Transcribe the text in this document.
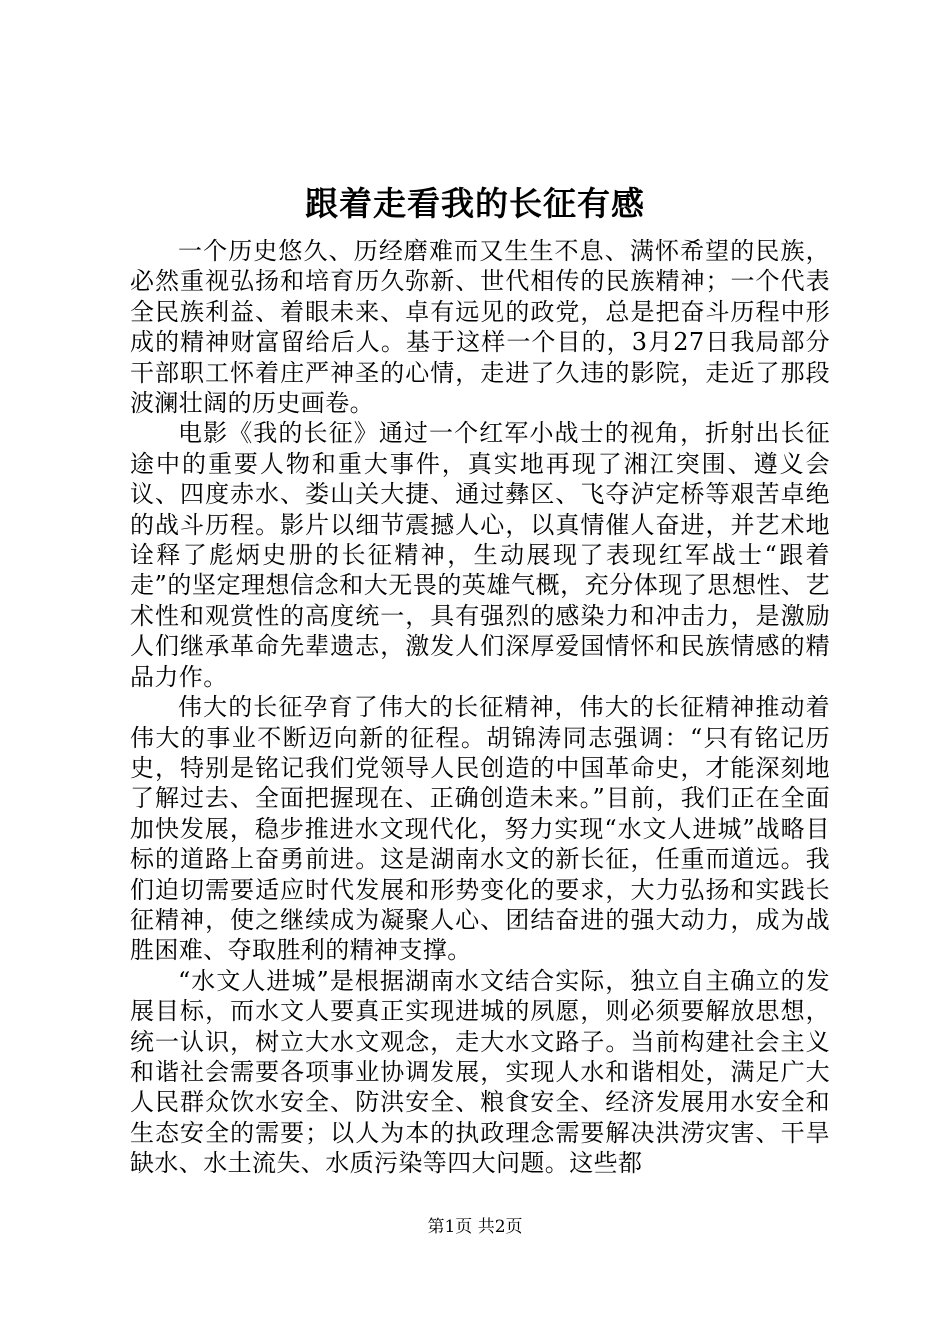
跟着走看我的长征有感

一个历史悠久、历经磨难而又生生不息、满怀希望的民族，必然重视弘扬和培育历久弥新、世代相传的民族精神；一个代表全民族利益、着眼未来、卓有远见的政党，总是把奋斗历程中形成的精神财富留给后人。基于这样一个目的，3月27日我局部分干部职工怀着庄严神圣的心情，走进了久违的影院，走近了那段波澜壮阔的历史画卷。

电影《我的长征》通过一个红军小战士的视角，折射出长征途中的重要人物和重大事件，真实地再现了湘江突围、遵义会议、四度赤水、娄山关大捷、通过彝区、飞夺泸定桥等艰苦卓绝的战斗历程。影片以细节震撼人心，以真情催人奋进，并艺术地诠释了彪炳史册的长征精神，生动展现了表现红军战士“跟着走”的坚定理想信念和大无畏的英雄气概，充分体现了思想性、艺术性和观赏性的高度统一，具有强烈的感染力和冲击力，是激励人们继承革命先辈遗志，激发人们深厚爱国情怀和民族情感的精品力作。

伟大的长征孕育了伟大的长征精神，伟大的长征精神推动着伟大的事业不断迈向新的征程。胡锦涛同志强调：“只有铭记历史，特别是铭记我们党领导人民创造的中国革命史，才能深刻地了解过去、全面把握现在、正确创造未来。”目前，我们正在全面加快发展，稳步推进水文现代化，努力实现“水文人进城”战略目标的道路上奋勇前进。这是湖南水文的新长征，任重而道远。我们迫切需要适应时代发展和形势变化的要求，大力弘扬和实践长征精神，使之继续成为凝聚人心、团结奋进的强大动力，成为战胜困难、夺取胜利的精神支撑。

“水文人进城”是根据湖南水文结合实际，独立自主确立的发展目标，而水文人要真正实现进城的夙愿，则必须要解放思想，统一认识，树立大水文观念，走大水文路子。当前构建社会主义和谐社会需要各项事业协调发展，实现人水和谐相处，满足广大人民群众饮水安全、防洪安全、粮食安全、经济发展用水安全和生态安全的需要；以人为本的执政理念需要解决洪涝灾害、干旱缺水、水土流失、水质污染等四大问题。这些都

第1页 共2页
